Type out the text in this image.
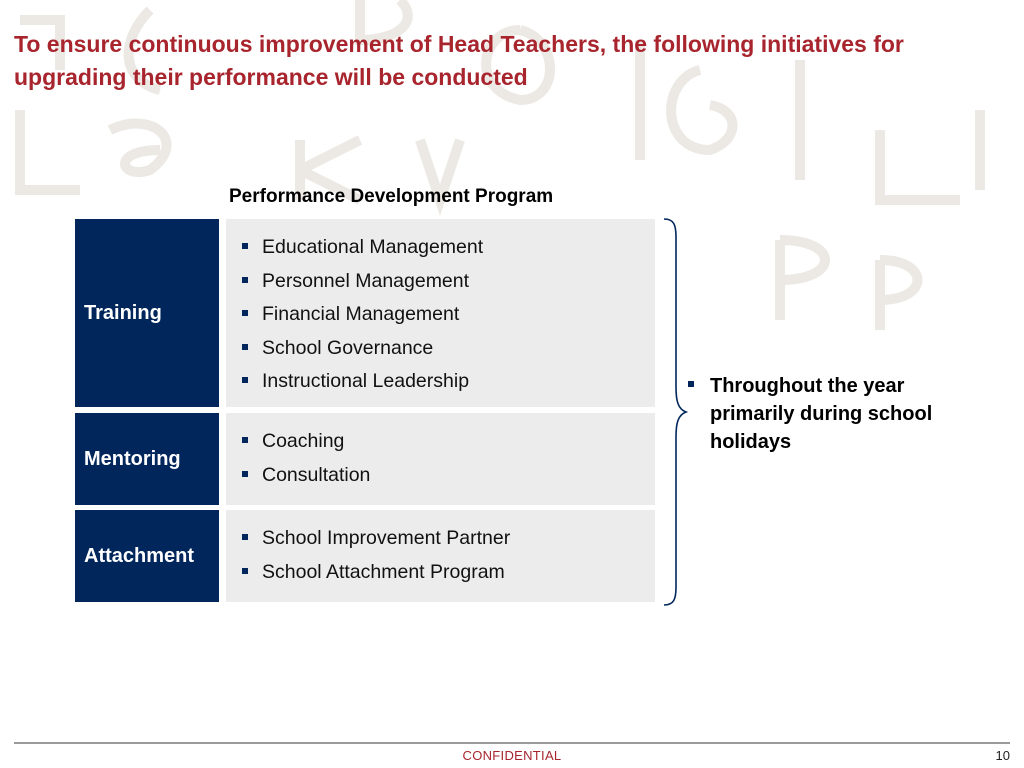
To ensure continuous improvement of Head Teachers, the following initiatives for upgrading their performance will be conducted
Performance Development Program
Training
Educational Management
Personnel Management
Financial Management
School Governance
Instructional Leadership
Mentoring
Coaching
Consultation
Attachment
School Improvement Partner
School Attachment Program
Throughout the year primarily during school holidays
CONFIDENTIAL	10
